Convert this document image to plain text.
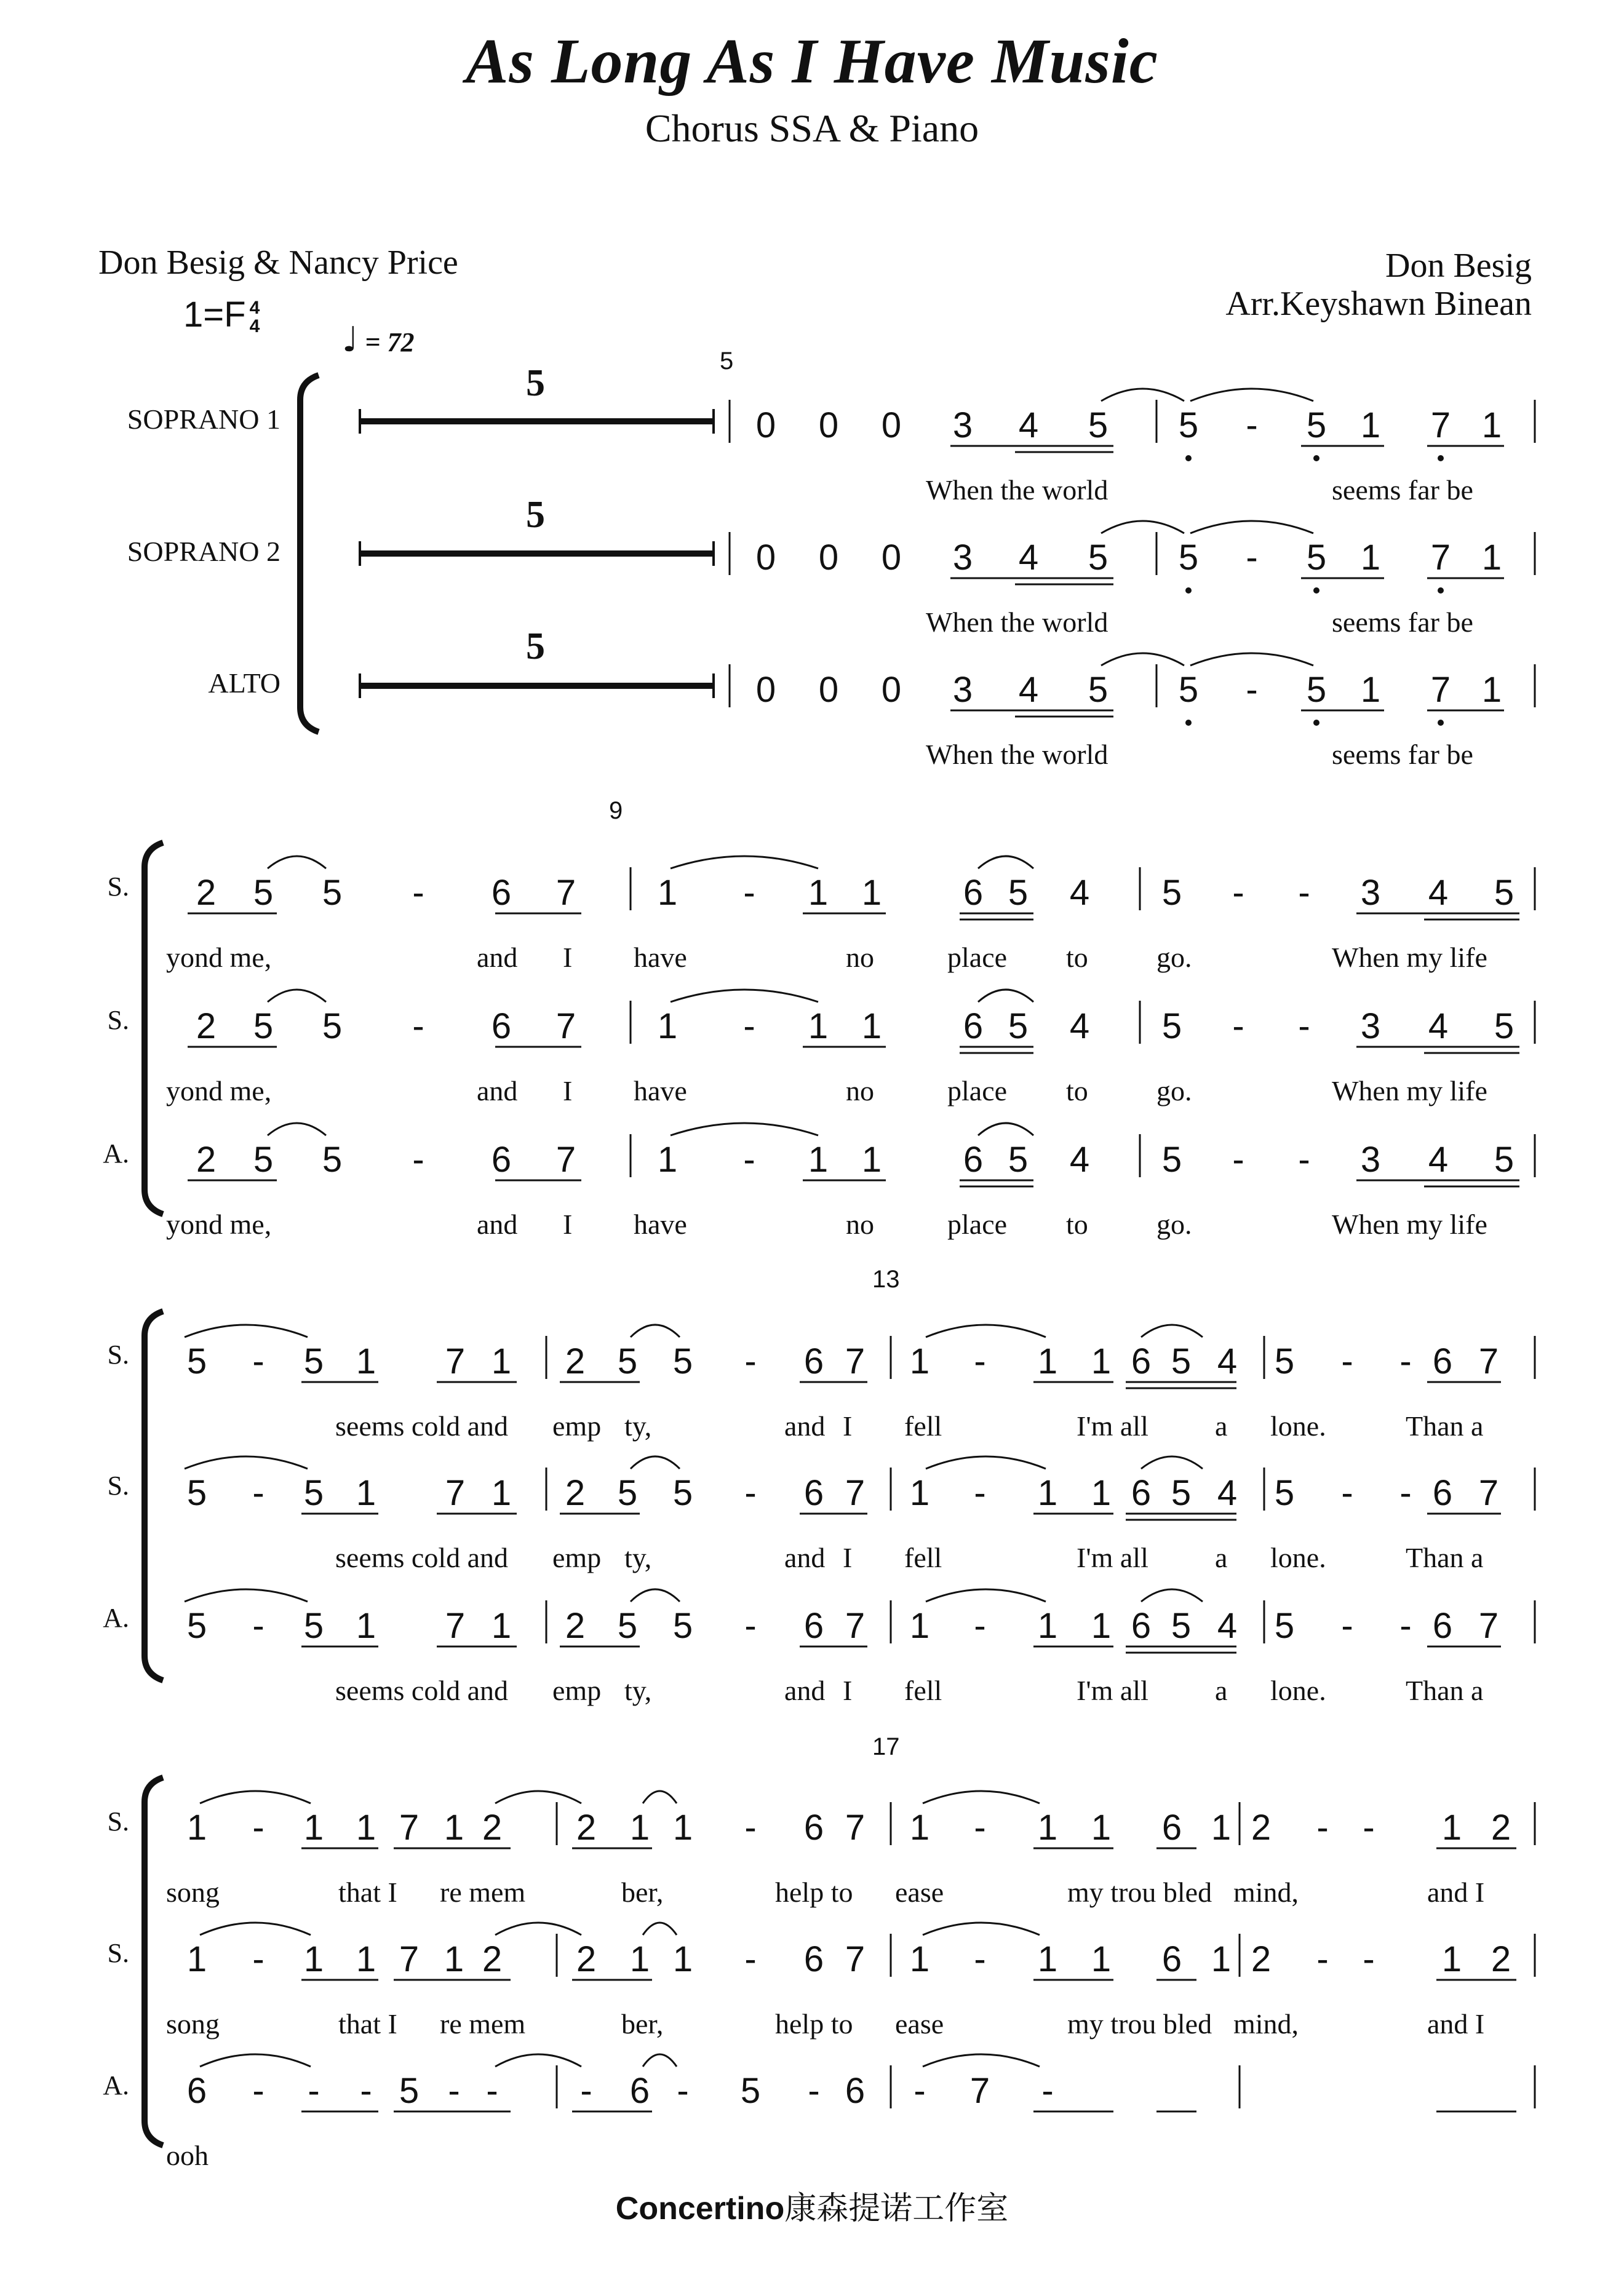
As Long As I Have Music
Chorus SSA & Piano
Don Besig & Nancy Price	Don Besig
Arr.Keyshawn Binean
1=F 4
4 ♩ = 72
SOPRANO 1
SOPRANO 2
ALTO
5
5
5
5
S.
S.
A.
9
S.
S.
A.
13
S.
S.
A.
17
0 0 0 3 4 5 5	-	5 1 7 1
When the world	seems far be
0 0 0 3 4 5 5	-	5 1 7 1
When the world	seems far be
0 0 0 3 4 5 5	-	5 1 7 1
When the world	seems far be
2 5 5	-	6 7 1	-	1 1 6 5 4 5	-	-	3 4 5
yond me,	and I have	no	place to go.	When my life
2 5 5	-	6 7 1	-	1 1 6 5 4 5	-	-	3 4 5
yond me,	and I have	no	place to go.	When my life
2 5 5	-	6 7 1	-	1 1 6 5 4 5	-	-	3 4 5
yond me,	and I have	no	place to go.	When my life
5	-	5 1 7 1 2 5 5	-	6 7 1	-	1 1 6 5 4 5	-	- 6 7
seems cold and emp ty,	and I fell	I'm all a lone.	Than a
5	-	5 1 7 1 2 5 5	-	6 7 1	-	1 1 6 5 4 5	-	- 6 7
seems cold and emp ty,	and I fell	I'm all a lone.	Than a
5	-	5 1 7 1 2 5 5	-	6 7 1	-	1 1 6 5 4 5	-	- 6 7
seems cold and emp ty,	and I fell	I'm all a lone.	Than a
1	-	1 1 7 1 2 2 1 1	-	6 7 1	-	1 1 6 1 2	- -	1 2
song	that I re mem	ber,	help to ease	my trou bled mind,	and I
1	-	1 1 7 1 2 2 1 1	-	6 7 1	-	1 1 6 1 2	- -	1 2
song	that I re mem	ber,	help to ease	my trou bled mind,	and I
6	-	-	- 5 - -	-	6 -	5	- 6	-	7	-
ooh
Concertino康森提诺工作室
